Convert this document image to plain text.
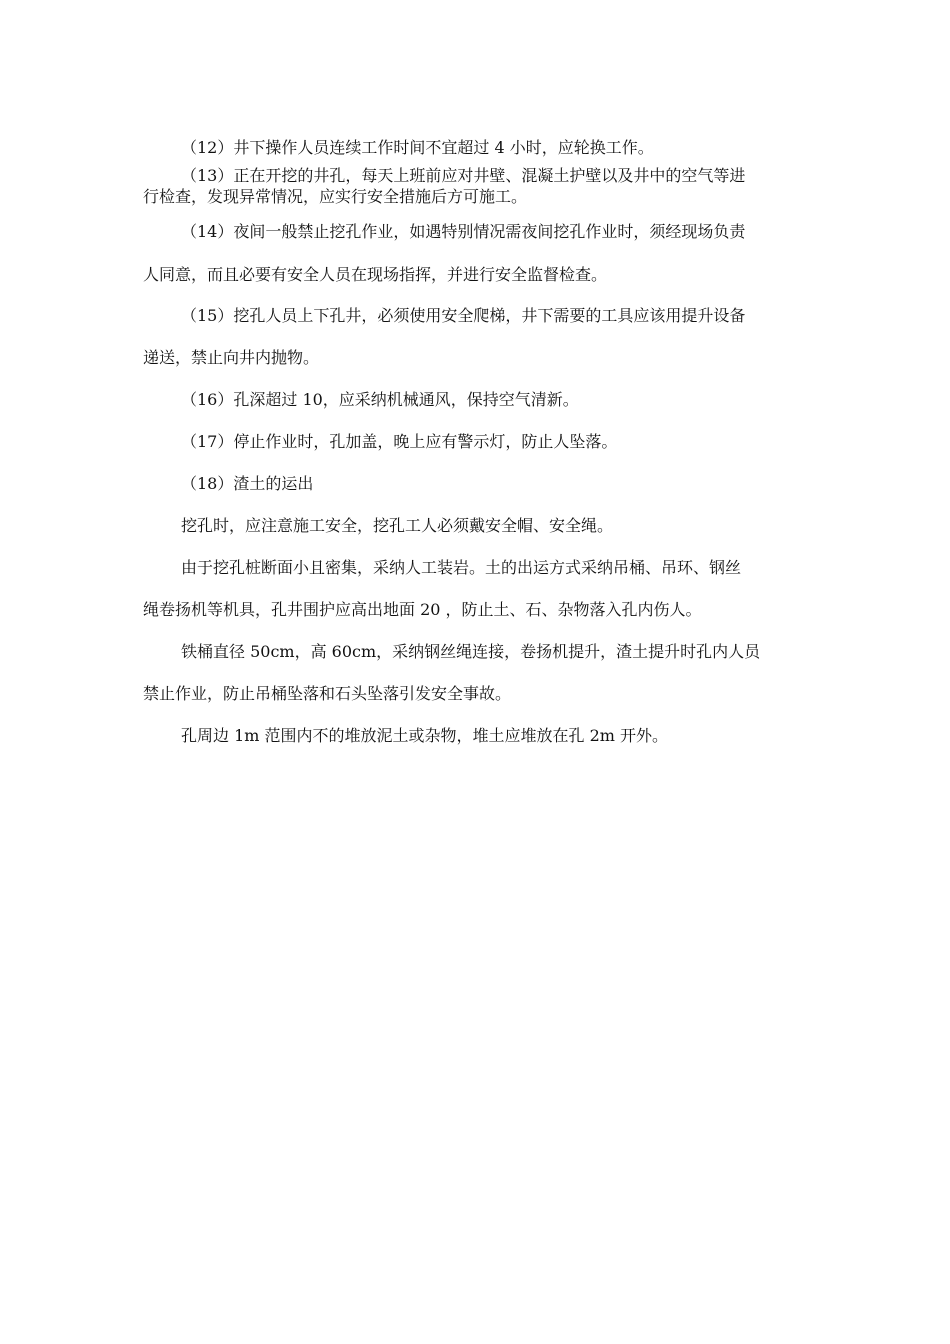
（12）井下操作人员连续工作时间不宜超过 4 小时，应轮换工作。
（13）正在开挖的井孔，每天上班前应对井壁、混凝土护壁以及井中的空气等进
行检查，发现异常情况，应实行安全措施后方可施工。
（14）夜间一般禁止挖孔作业，如遇特别情况需夜间挖孔作业时，须经现场负责
人同意，而且必要有安全人员在现场指挥，并进行安全监督检查。
（15）挖孔人员上下孔井，必须使用安全爬梯，井下需要的工具应该用提升设备
递送，禁止向井内抛物。
（16）孔深超过 10，应采纳机械通风，保持空气清新。
（17）停止作业时，孔加盖，晚上应有警示灯，防止人坠落。
（18）渣土的运出
挖孔时，应注意施工安全，挖孔工人必须戴安全帽、安全绳。
由于挖孔桩断面小且密集，采纳人工装岩。土的出运方式采纳吊桶、吊环、钢丝
绳卷扬机等机具，孔井围护应高出地面 20 ，防止土、石、杂物落入孔内伤人。
铁桶直径 50cm，高 60cm，采纳钢丝绳连接，卷扬机提升，渣土提升时孔内人员
禁止作业，防止吊桶坠落和石头坠落引发安全事故。
孔周边 1m 范围内不的堆放泥土或杂物，堆土应堆放在孔 2m 开外。
